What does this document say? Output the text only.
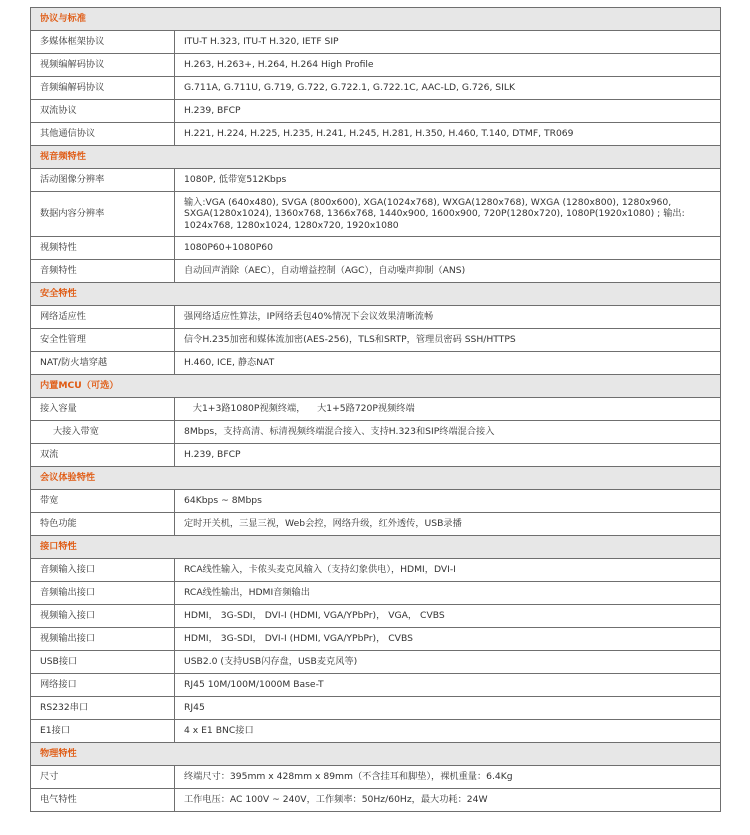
协议与标准	
多媒体框架协议	ITU-T H.323, ITU-T H.320, IETF SIP
视频编解码协议	H.263, H.263+, H.264, H.264 High Profile
音频编解码协议	G.711A, G.711U, G.719, G.722, G.722.1, G.722.1C, AAC-LD, G.726, SILK
双流协议	H.239, BFCP
其他通信协议	H.221, H.224, H.225, H.235, H.241, H.245, H.281, H.350, H.460, T.140, DTMF, TR069
视音频特性	
活动图像分辨率	1080P, 低带宽512Kbps
数据内容分辨率	输入:VGA (640x480), SVGA (800x600), XGA(1024x768), WXGA(1280x768), WXGA (1280x800), 1280x960, SXGA(1280x1024), 1360x768, 1366x768, 1440x900, 1600x900, 720P(1280x720), 1080P(1920x1080) ; 输出: 1024x768, 1280x1024, 1280x720, 1920x1080
视频特性	1080P60+1080P60
音频特性	自动回声消除（AEC），自动增益控制（AGC），自动噪声抑制（ANS)
安全特性	
网络适应性	强网络适应性算法，IP网络丢包40%情况下会议效果清晰流畅
安全性管理	信令H.235加密和媒体流加密(AES-256)，TLS和SRTP，管理员密码 SSH/HTTPS
NAT/防火墙穿越	H.460, ICE, 静态NAT
内置MCU（可选）	
接入容量	大1+3路1080P视频终端，    大1+5路720P视频终端
大接入带宽	8Mbps，支持高清、标清视频终端混合接入、支持H.323和SIP终端混合接入
双流	H.239, BFCP
会议体验特性	
带宽	64Kbps ~ 8Mbps
特色功能	定时开关机，三显三视，Web会控，网络升级，红外透传，USB录播
接口特性	
音频输入接口	RCA线性输入，卡侬头麦克风输入（支持幻象供电），HDMI，DVI-I
音频输出接口	RCA线性输出，HDMI音频输出
视频输入接口	HDMI， 3G-SDI， DVI-I (HDMI, VGA/YPbPr)， VGA， CVBS
视频输出接口	HDMI， 3G-SDI， DVI-I (HDMI, VGA/YPbPr)， CVBS
USB接口	USB2.0 (支持USB闪存盘，USB麦克风等)
网络接口	RJ45 10M/100M/1000M Base-T
RS232串口	RJ45
E1接口	4 x E1 BNC接口
物理特性	
尺寸	终端尺寸：395mm x 428mm x 89mm（不含挂耳和脚垫），裸机重量：6.4Kg
电气特性	工作电压：AC 100V ~ 240V，工作频率：50Hz/60Hz，最大功耗：24W
